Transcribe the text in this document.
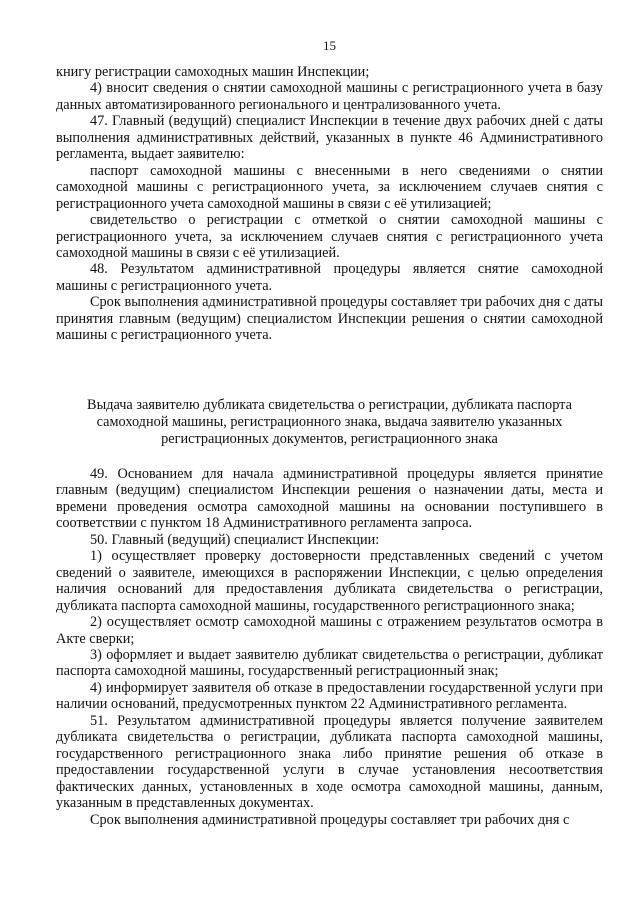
15

книгу регистрации самоходных машин Инспекции;

4) вносит сведения о снятии самоходной машины с регистрационного учета в базу данных автоматизированного регионального и централизованного учета.

47. Главный (ведущий) специалист Инспекции в течение двух рабочих дней с даты выполнения административных действий, указанных в пункте 46 Административного регламента, выдает заявителю:

паспорт самоходной машины с внесенными в него сведениями о снятии самоходной машины с регистрационного учета, за исключением случаев снятия с регистрационного учета самоходной машины в связи с её утилизацией;

свидетельство о регистрации с отметкой о снятии самоходной машины с регистрационного учета, за исключением случаев снятия с регистрационного учета самоходной машины в связи с её утилизацией.

48. Результатом административной процедуры является снятие самоходной машины с регистрационного учета.

Срок выполнения административной процедуры составляет три рабочих дня с даты принятия главным (ведущим) специалистом Инспекции решения о снятии самоходной машины с регистрационного учета.

Выдача заявителю дубликата свидетельства о регистрации, дубликата паспорта самоходной машины, регистрационного знака, выдача заявителю указанных регистрационных документов, регистрационного знака

49. Основанием для начала административной процедуры является принятие главным (ведущим) специалистом Инспекции решения о назначении даты, места и времени проведения осмотра самоходной машины на основании поступившего в соответствии с пунктом 18 Административного регламента запроса.

50. Главный (ведущий) специалист Инспекции:

1) осуществляет проверку достоверности представленных сведений с учетом сведений о заявителе, имеющихся в распоряжении Инспекции, с целью определения наличия оснований для предоставления дубликата свидетельства о регистрации, дубликата паспорта самоходной машины, государственного регистрационного знака;

2) осуществляет осмотр самоходной машины с отражением результатов осмотра в Акте сверки;

3) оформляет и выдает заявителю дубликат свидетельства о регистрации, дубликат паспорта самоходной машины, государственный регистрационный знак;

4) информирует заявителя об отказе в предоставлении государственной услуги при наличии оснований, предусмотренных пунктом 22 Административного регламента.

51. Результатом административной процедуры является получение заявителем дубликата свидетельства о регистрации, дубликата паспорта самоходной машины, государственного регистрационного знака либо принятие решения об отказе в предоставлении государственной услуги в случае установления несоответствия фактических данных, установленных в ходе осмотра самоходной машины, данным, указанным в представленных документах.

Срок выполнения административной процедуры составляет три рабочих дня с
